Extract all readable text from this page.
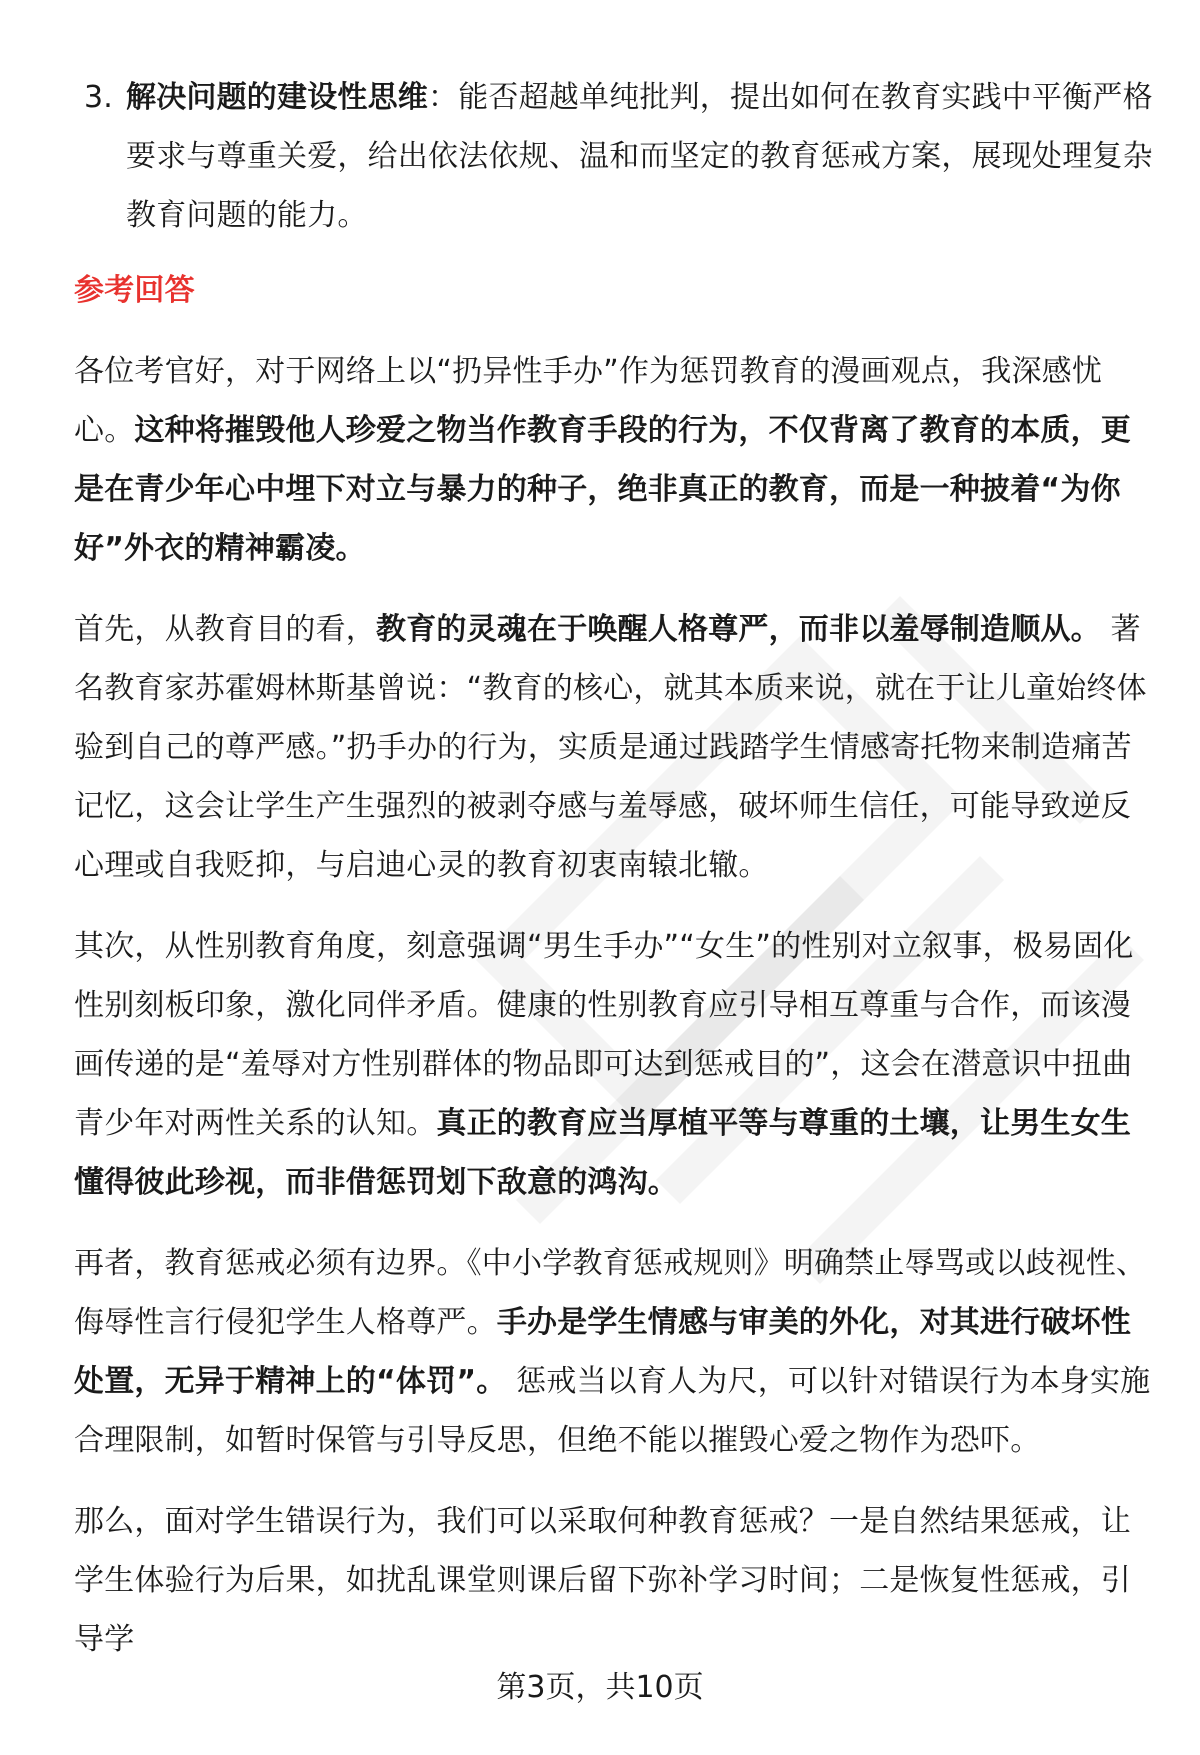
3. 解决问题的建设性思维：能否超越单纯批判，提出如何在教育实践中平衡严格要求与尊重关爱，给出依法依规、温和而坚定的教育惩戒方案，展现处理复杂教育问题的能力。
参考回答

各位考官好，对于网络上以“扔异性手办”作为惩罚教育的漫画观点，我深感忧心。这种将摧毁他人珍爱之物当作教育手段的行为，不仅背离了教育的本质，更是在青少年心中埋下对立与暴力的种子，绝非真正的教育，而是一种披着“为你好”外衣的精神霸凌。

首先，从教育目的看，教育的灵魂在于唤醒人格尊严，而非以羞辱制造顺从。 著名教育家苏霍姆林斯基曾说：“教育的核心，就其本质来说，就在于让儿童始终体验到自己的尊严感。”扔手办的行为，实质是通过践踏学生情感寄托物来制造痛苦记忆，这会让学生产生强烈的被剥夺感与羞辱感，破坏师生信任，可能导致逆反心理或自我贬抑，与启迪心灵的教育初衷南辕北辙。

其次，从性别教育角度，刻意强调“男生手办”“女生”的性别对立叙事，极易固化性别刻板印象，激化同伴矛盾。健康的性别教育应引导相互尊重与合作，而该漫画传递的是“羞辱对方性别群体的物品即可达到惩戒目的”，这会在潜意识中扭曲青少年对两性关系的认知。真正的教育应当厚植平等与尊重的土壤，让男生女生懂得彼此珍视，而非借惩罚划下敌意的鸿沟。

再者，教育惩戒必须有边界。《中小学教育惩戒规则》明确禁止辱骂或以歧视性、侮辱性言行侵犯学生人格尊严。手办是学生情感与审美的外化，对其进行破坏性处置，无异于精神上的“体罚”。 惩戒当以育人为尺，可以针对错误行为本身实施合理限制，如暂时保管与引导反思，但绝不能以摧毁心爱之物作为恐吓。

那么，面对学生错误行为，我们可以采取何种教育惩戒？一是自然结果惩戒，让学生体验行为后果，如扰乱课堂则课后留下弥补学习时间；二是恢复性惩戒，引导学

第3页，共10页
